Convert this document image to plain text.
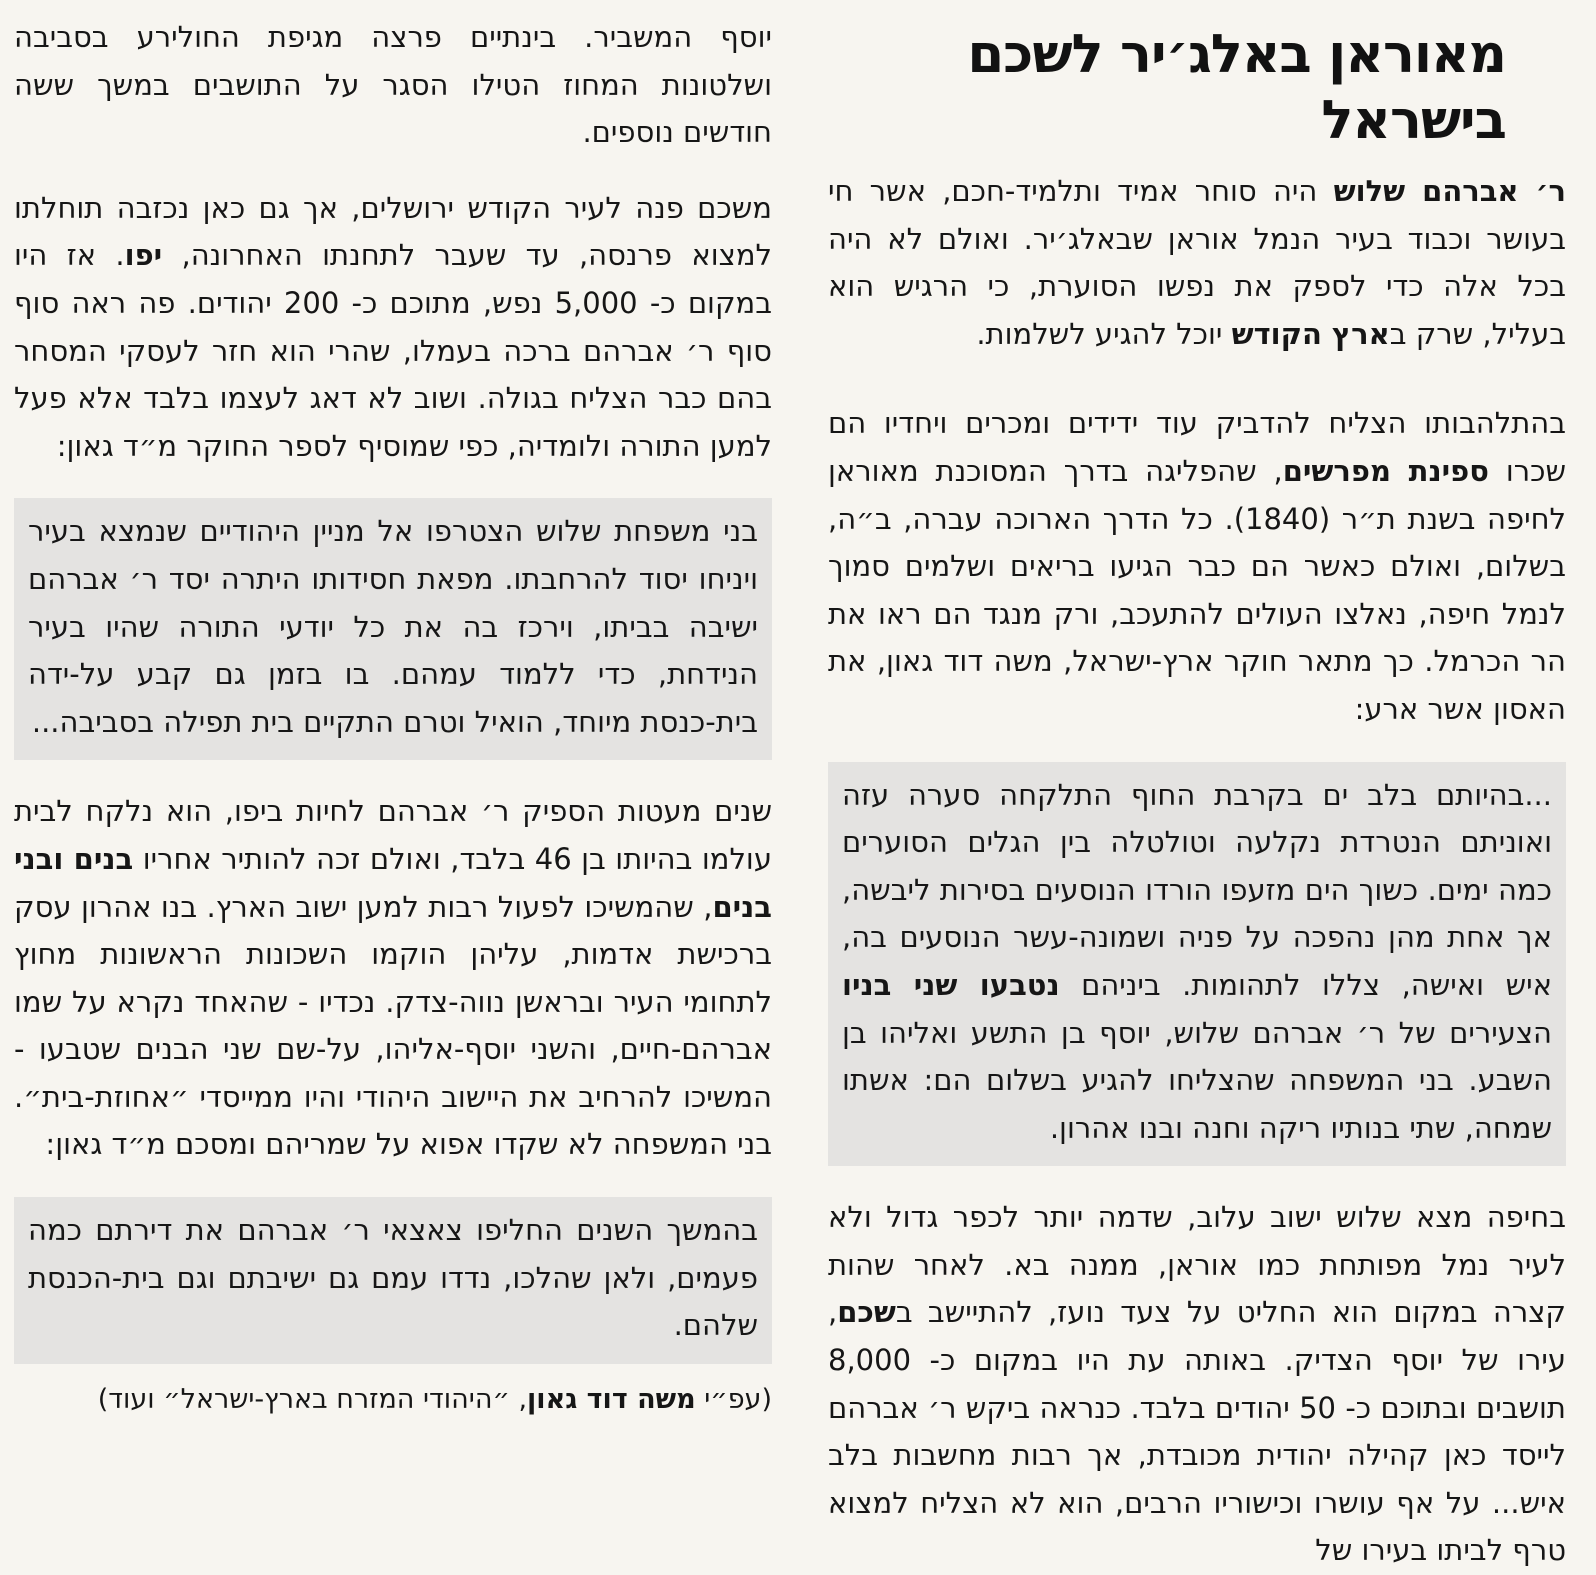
מאוראן באלג׳יר לשכם בישראל

ר׳ אברהם שלוש היה סוחר אמיד ותלמיד-חכם, אשר חי בעושר וכבוד בעיר הנמל אוראן שבאלג׳יר. ואולם לא היה בכל אלה כדי לספק את נפשו הסוערת, כי הרגיש הוא בעליל, שרק בארץ הקודש יוכל להגיע לשלמות.

בהתלהבותו הצליח להדביק עוד ידידים ומכרים ויחדיו הם שכרו ספינת מפרשים, שהפליגה בדרך המסוכנת מאוראן לחיפה בשנת ת״ר (1840). כל הדרך הארוכה עברה, ב״ה, בשלום, ואולם כאשר הם כבר הגיעו בריאים ושלמים סמוך לנמל חיפה, נאלצו העולים להתעכב, ורק מנגד הם ראו את הר הכרמל. כך מתאר חוקר ארץ-ישראל, משה דוד גאון, את האסון אשר ארע:

...בהיותם בלב ים בקרבת החוף התלקחה סערה עזה ואוניתם הנטרדת נקלעה וטולטלה בין הגלים הסוערים כמה ימים. כשוך הים מזעפו הורדו הנוסעים בסירות ליבשה, אך אחת מהן נהפכה על פניה ושמונה-עשר הנוסעים בה, איש ואישה, צללו לתהומות. ביניהם נטבעו שני בניו הצעירים של ר׳ אברהם שלוש, יוסף בן התשע ואליהו בן השבע. בני המשפחה שהצליחו להגיע בשלום הם: אשתו שמחה, שתי בנותיו ריקה וחנה ובנו אהרון.

בחיפה מצא שלוש ישוב עלוב, שדמה יותר לכפר גדול ולא לעיר נמל מפותחת כמו אוראן, ממנה בא. לאחר שהות קצרה במקום הוא החליט על צעד נועז, להתיישב בשכם, עירו של יוסף הצדיק. באותה עת היו במקום כ- 8,000 תושבים ובתוכם כ- 50 יהודים בלבד. כנראה ביקש ר׳ אברהם לייסד כאן קהילה יהודית מכובדת, אך רבות מחשבות בלב איש... על אף עושרו וכישוריו הרבים, הוא לא הצליח למצוא טרף לביתו בעירו של

יוסף המשביר. בינתיים פרצה מגיפת החולירע בסביבה ושלטונות המחוז הטילו הסגר על התושבים במשך ששה חודשים נוספים.

משכם פנה לעיר הקודש ירושלים, אך גם כאן נכזבה תוחלתו למצוא פרנסה, עד שעבר לתחנתו האחרונה, יפו. אז היו במקום כ- 5,000 נפש, מתוכם כ- 200 יהודים. פה ראה סוף סוף ר׳ אברהם ברכה בעמלו, שהרי הוא חזר לעסקי המסחר בהם כבר הצליח בגולה. ושוב לא דאג לעצמו בלבד אלא פעל למען התורה ולומדיה, כפי שמוסיף לספר החוקר מ״ד גאון:

בני משפחת שלוש הצטרפו אל מניין היהודיים שנמצא בעיר ויניחו יסוד להרחבתו. מפאת חסידותו היתרה יסד ר׳ אברהם ישיבה בביתו, וירכז בה את כל יודעי התורה שהיו בעיר הנידחת, כדי ללמוד עמהם. בו בזמן גם קבע על-ידה בית-כנסת מיוחד, הואיל וטרם התקיים בית תפילה בסביבה...

שנים מעטות הספיק ר׳ אברהם לחיות ביפו, הוא נלקח לבית עולמו בהיותו בן 46 בלבד, ואולם זכה להותיר אחריו בנים ובני בנים, שהמשיכו לפעול רבות למען ישוב הארץ. בנו אהרון עסק ברכישת אדמות, עליהן הוקמו השכונות הראשונות מחוץ לתחומי העיר ובראשן נווה-צדק. נכדיו - שהאחד נקרא על שמו אברהם-חיים, והשני יוסף-אליהו, על-שם שני הבנים שטבעו - המשיכו להרחיב את היישוב היהודי והיו ממייסדי ״אחוזת-בית״. בני המשפחה לא שקדו אפוא על שמריהם ומסכם מ״ד גאון:

בהמשך השנים החליפו צאצאי ר׳ אברהם את דירתם כמה פעמים, ולאן שהלכו, נדדו עמם גם ישיבתם וגם בית-הכנסת שלהם.

(עפ״י משה דוד גאון, ״היהודי המזרח בארץ-ישראל״ ועוד)
